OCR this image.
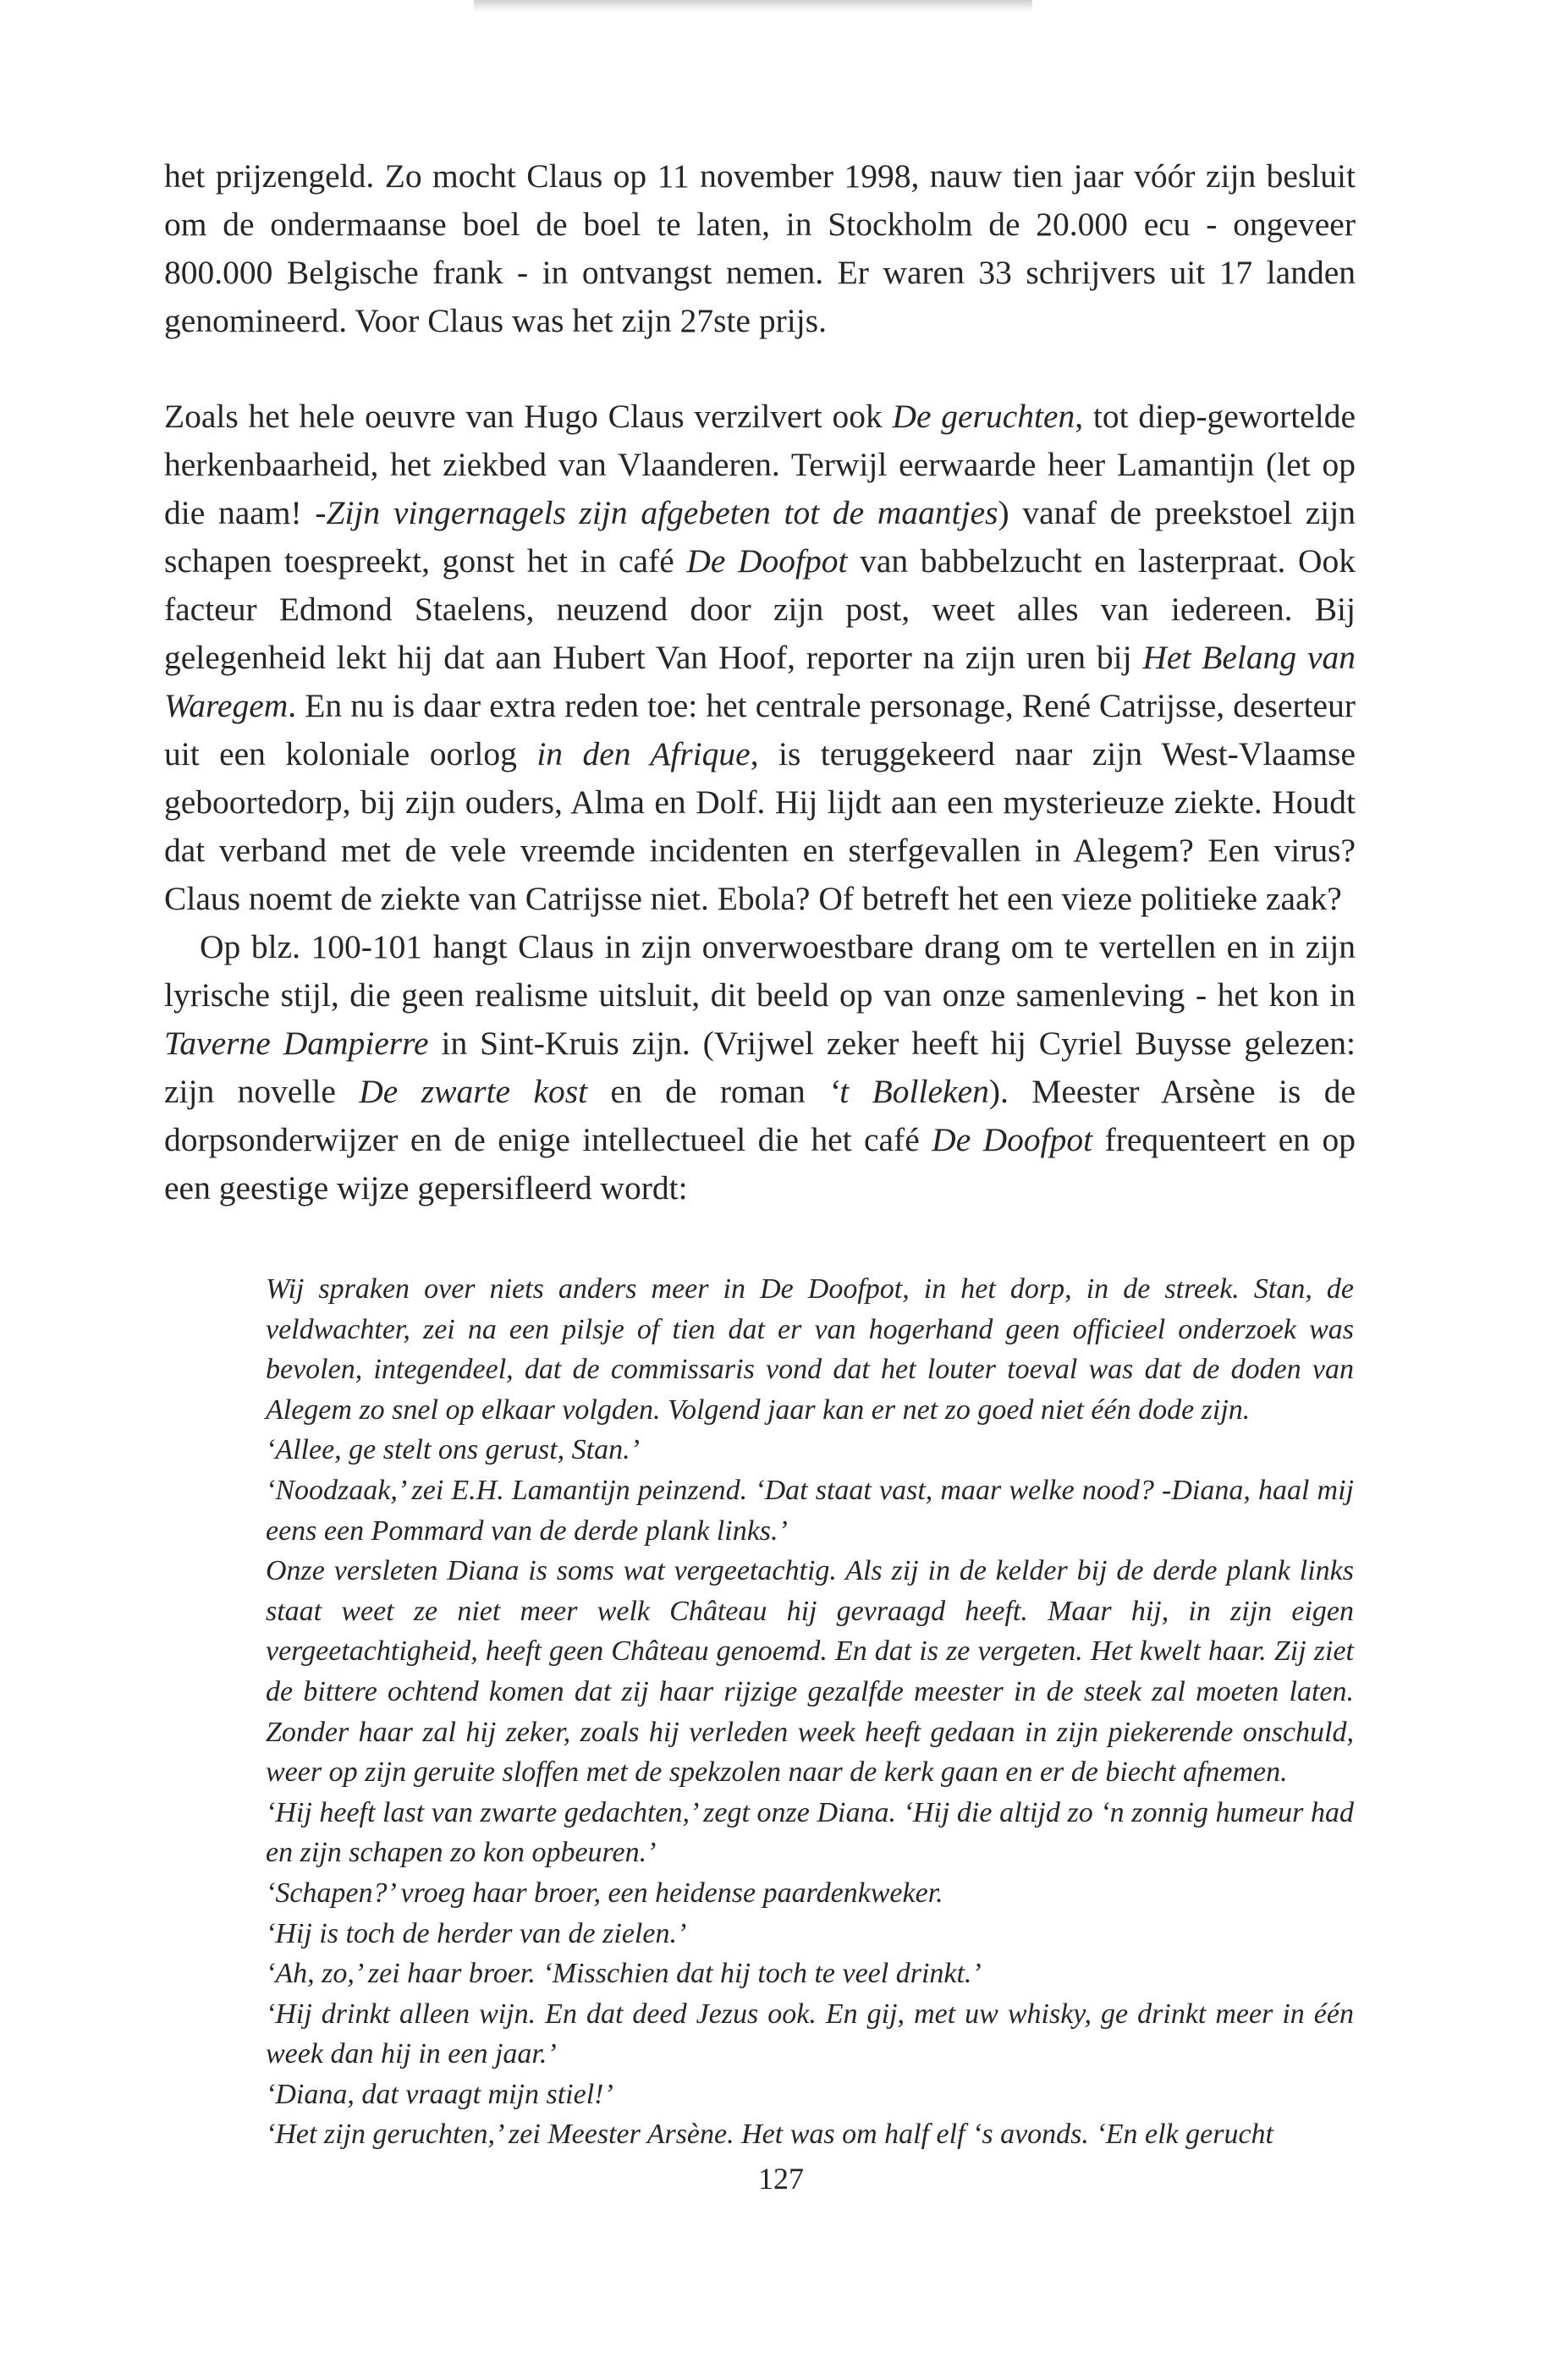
het prijzengeld. Zo mocht Claus op 11 november 1998, nauw tien jaar vóór zijn besluit om de ondermaanse boel de boel te laten, in Stockholm de 20.000 ecu - ongeveer 800.000 Belgische frank - in ontvangst nemen. Er waren 33 schrijvers uit 17 landen genomineerd. Voor Claus was het zijn 27ste prijs.

Zoals het hele oeuvre van Hugo Claus verzilvert ook De geruchten, tot diep-gewortelde herkenbaarheid, het ziekbed van Vlaanderen. Terwijl eerwaarde heer Lamantijn (let op die naam! -Zijn vingernagels zijn afgebeten tot de maantjes) vanaf de preekstoel zijn schapen toespreekt, gonst het in café De Doofpot van babbelzucht en lasterpraat. Ook facteur Edmond Staelens, neuzend door zijn post, weet alles van iedereen. Bij gelegenheid lekt hij dat aan Hubert Van Hoof, reporter na zijn uren bij Het Belang van Waregem. En nu is daar extra reden toe: het centrale personage, René Catrijsse, deserteur uit een koloniale oorlog in den Afrique, is teruggekeerd naar zijn West-Vlaamse geboortedorp, bij zijn ouders, Alma en Dolf. Hij lijdt aan een mysterieuze ziekte. Houdt dat verband met de vele vreemde incidenten en sterfgevallen in Alegem? Een virus? Claus noemt de ziekte van Catrijsse niet. Ebola? Of betreft het een vieze politieke zaak?

Op blz. 100-101 hangt Claus in zijn onverwoestbare drang om te vertellen en in zijn lyrische stijl, die geen realisme uitsluit, dit beeld op van onze samenleving - het kon in Taverne Dampierre in Sint-Kruis zijn. (Vrijwel zeker heeft hij Cyriel Buysse gelezen: zijn novelle De zwarte kost en de roman ‘t Bolleken). Meester Arsène is de dorpsonderwijzer en de enige intellectueel die het café De Doofpot frequenteert en op een geestige wijze gepersifleerd wordt:

Wij spraken over niets anders meer in De Doofpot, in het dorp, in de streek. Stan, de veldwachter, zei na een pilsje of tien dat er van hogerhand geen officieel onderzoek was bevolen, integendeel, dat de commissaris vond dat het louter toeval was dat de doden van Alegem zo snel op elkaar volgden. Volgend jaar kan er net zo goed niet één dode zijn.

‘Allee, ge stelt ons gerust, Stan.’

‘Noodzaak,’ zei E.H. Lamantijn peinzend. ‘Dat staat vast, maar welke nood? -Diana, haal mij eens een Pommard van de derde plank links.’

Onze versleten Diana is soms wat vergeetachtig. Als zij in de kelder bij de derde plank links staat weet ze niet meer welk Château hij gevraagd heeft. Maar hij, in zijn eigen vergeetachtigheid, heeft geen Château genoemd. En dat is ze vergeten. Het kwelt haar. Zij ziet de bittere ochtend komen dat zij haar rijzige gezalfde meester in de steek zal moeten laten. Zonder haar zal hij zeker, zoals hij verleden week heeft gedaan in zijn piekerende onschuld, weer op zijn geruite sloffen met de spekzolen naar de kerk gaan en er de biecht afnemen.

‘Hij heeft last van zwarte gedachten,’ zegt onze Diana. ‘Hij die altijd zo ‘n zonnig humeur had en zijn schapen zo kon opbeuren.’

‘Schapen?’ vroeg haar broer, een heidense paardenkweker.

‘Hij is toch de herder van de zielen.’

‘Ah, zo,’ zei haar broer. ‘Misschien dat hij toch te veel drinkt.’

‘Hij drinkt alleen wijn. En dat deed Jezus ook. En gij, met uw whisky, ge drinkt meer in één week dan hij in een jaar.’

‘Diana, dat vraagt mijn stiel!’

‘Het zijn geruchten,’ zei Meester Arsène. Het was om half elf ‘s avonds. ‘En elk gerucht

127
